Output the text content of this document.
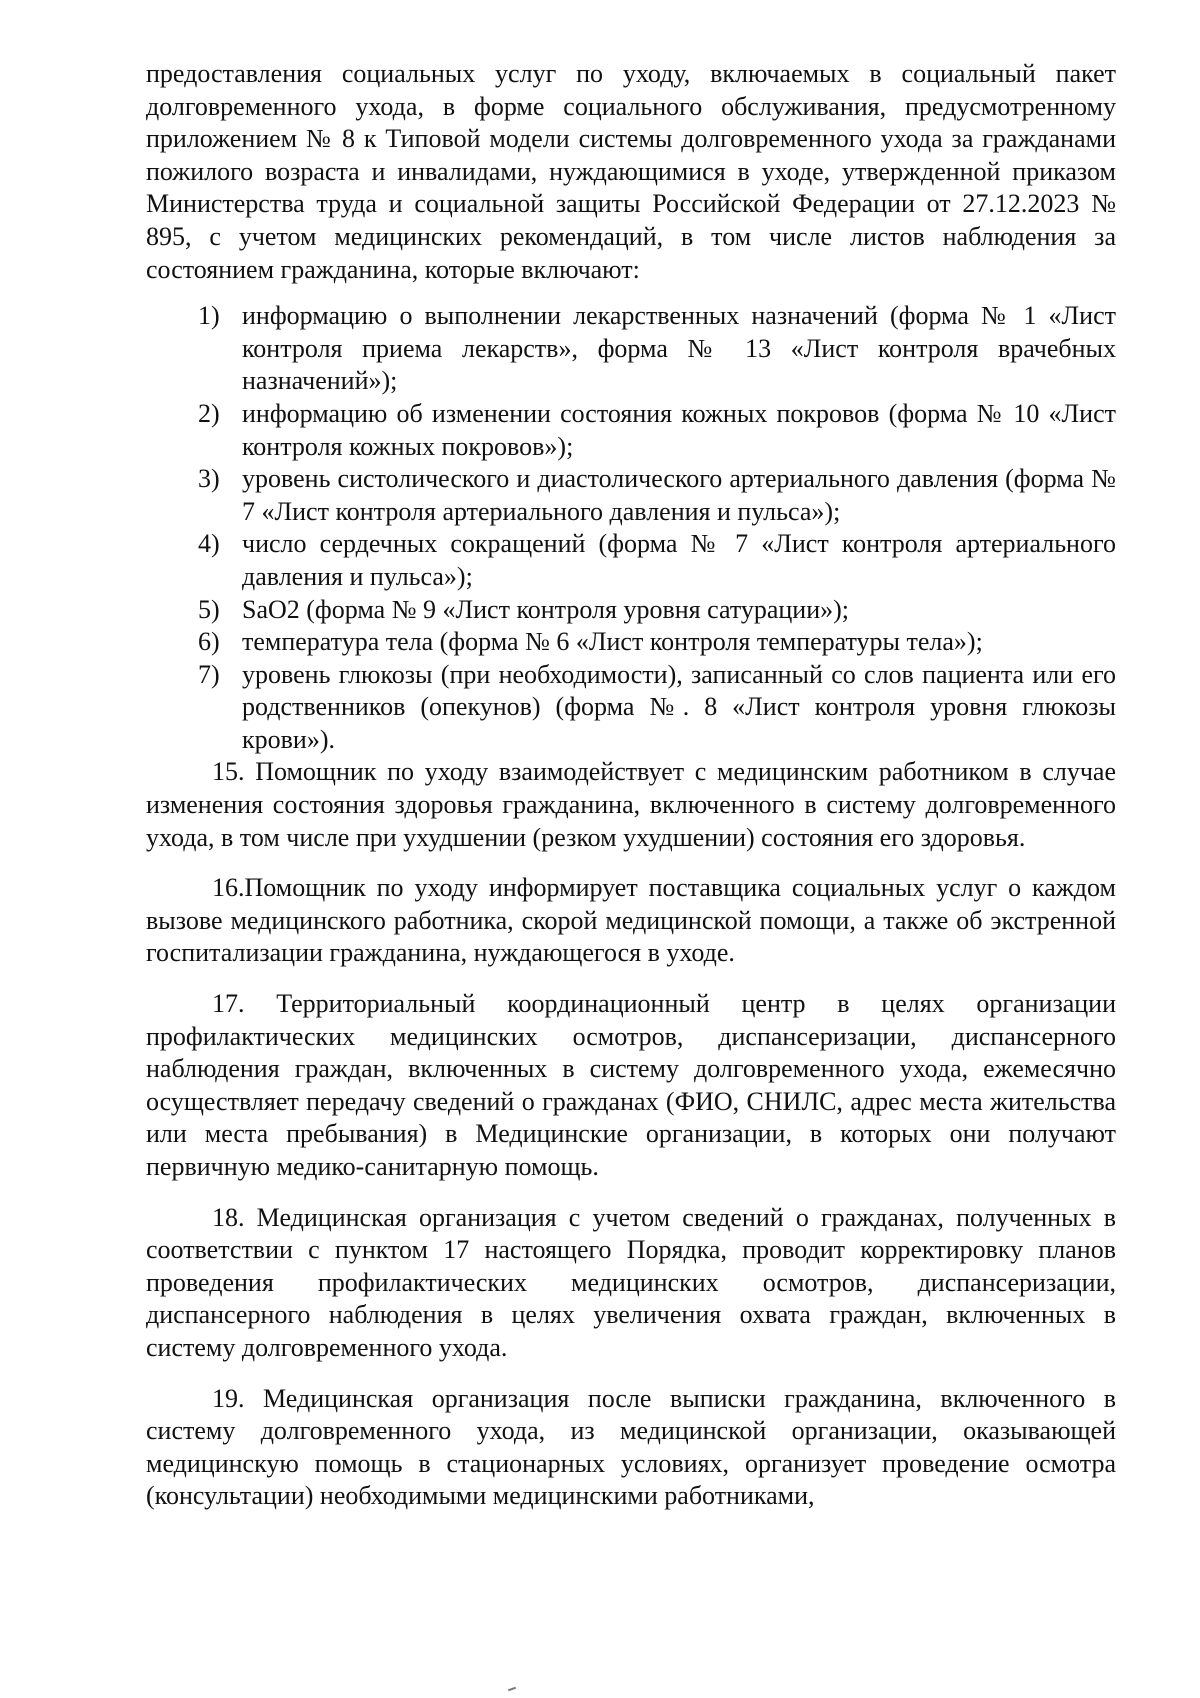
предоставления социальных услуг по уходу, включаемых в социальный пакет долговременного ухода, в форме социального обслуживания, предусмотренному приложением № 8 к Типовой модели системы долговременного ухода за гражданами пожилого возраста и инвалидами, нуждающимися в уходе, утвержденной приказом Министерства труда и социальной защиты Российской Федерации от 27.12.2023 № 895, с учетом медицинских рекомендаций, в том числе листов наблюдения за состоянием гражданина, которые включают:

1) информацию о выполнении лекарственных назначений (форма № 1 «Лист контроля приема лекарств», форма № 13 «Лист контроля врачебных назначений»);
2) информацию об изменении состояния кожных покровов (форма № 10 «Лист контроля кожных покровов»);
3) уровень систолического и диастолического артериального давления (форма № 7 «Лист контроля артериального давления и пульса»);
4) число сердечных сокращений (форма № 7 «Лист контроля артериального давления и пульса»);
5) SaO2 (форма № 9 «Лист контроля уровня сатурации»);
6) температура тела (форма № 6 «Лист контроля температуры тела»);
7) уровень глюкозы (при необходимости), записанный со слов пациента или его родственников (опекунов) (форма №. 8 «Лист контроля уровня глюкозы крови»).

15. Помощник по уходу взаимодействует с медицинским работником в случае изменения состояния здоровья гражданина, включенного в систему долговременного ухода, в том числе при ухудшении (резком ухудшении) состояния его здоровья.

16.Помощник по уходу информирует поставщика социальных услуг о каждом вызове медицинского работника, скорой медицинской помощи, а также об экстренной госпитализации гражданина, нуждающегося в уходе.

17. Территориальный координационный центр в целях организации профилактических медицинских осмотров, диспансеризации, диспансерного наблюдения граждан, включенных в систему долговременного ухода, ежемесячно осуществляет передачу сведений о гражданах (ФИО, СНИЛС, адрес места жительства или места пребывания) в Медицинские организации, в которых они получают первичную медико-санитарную помощь.

18. Медицинская организация с учетом сведений о гражданах, полученных в соответствии с пунктом 17 настоящего Порядка, проводит корректировку планов проведения профилактических медицинских осмотров, диспансеризации, диспансерного наблюдения в целях увеличения охвата граждан, включенных в систему долговременного ухода.

19. Медицинская организация после выписки гражданина, включенного в систему долговременного ухода, из медицинской организации, оказывающей медицинскую помощь в стационарных условиях, организует проведение осмотра (консультации) необходимыми медицинскими работниками,
